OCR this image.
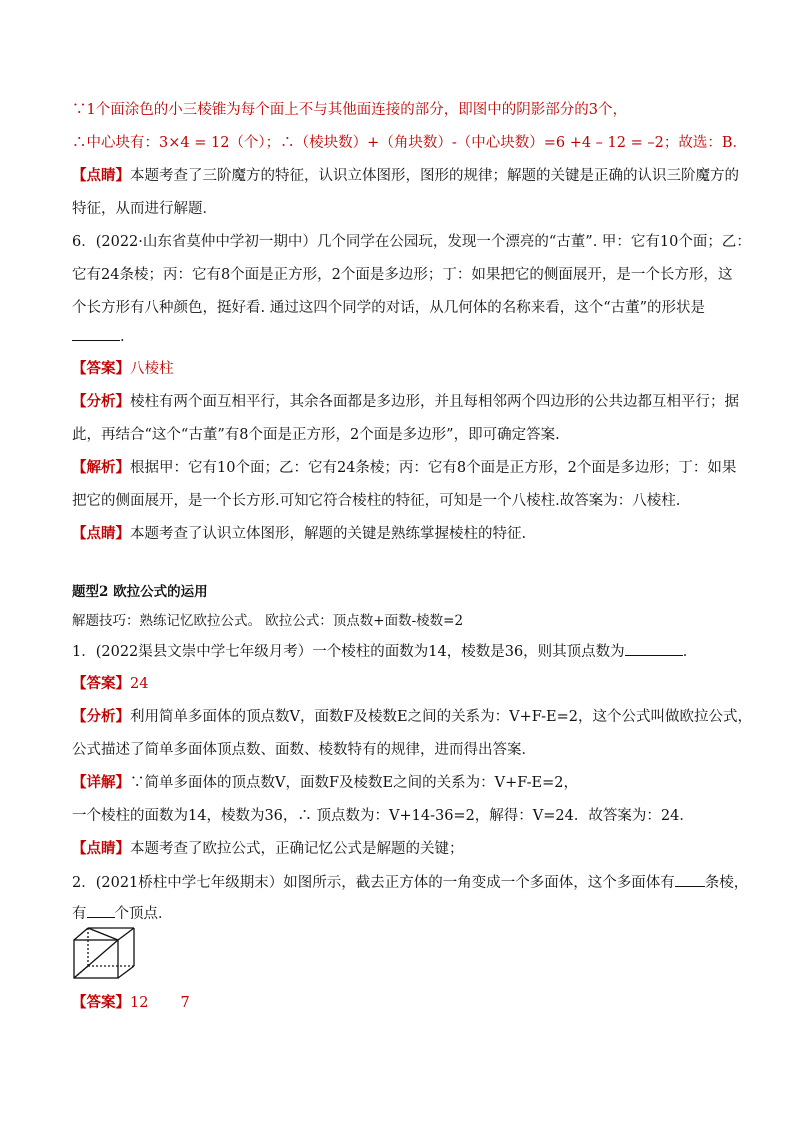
∵1个面涂色的小三棱锥为每个面上不与其他面连接的部分，即图中的阴影部分的3个，
∴中心块有：3×4 = 12（个）；∴（棱块数）+（角块数）-（中心块数）=6 +4 – 12 = –2；故选：B．
【点睛】本题考查了三阶魔方的特征，认识立体图形，图形的规律；解题的关键是正确的认识三阶魔方的
特征，从而进行解题．
6．(2022·山东省莫仲中学初一期中）几个同学在公园玩，发现一个漂亮的“古董”. 甲：它有10个面；乙：
它有24条棱；丙：它有8个面是正方形，2个面是多边形；丁：如果把它的侧面展开，是一个长方形，这
个长方形有八种颜色，挺好看. 通过这四个同学的对话，从几何体的名称来看，这个“古董”的形状是
.
【答案】八棱柱
【分析】棱柱有两个面互相平行，其余各面都是多边形，并且每相邻两个四边形的公共边都互相平行；据
此，再结合“这个“古董”有8个面是正方形，2个面是多边形”，即可确定答案.
【解析】根据甲：它有10个面；乙：它有24条棱；丙：它有8个面是正方形，2个面是多边形；丁：如果
把它的侧面展开，是一个长方形.可知它符合棱柱的特征，可知是一个八棱柱.故答案为：八棱柱.
【点睛】本题考查了认识立体图形，解题的关键是熟练掌握棱柱的特征.
题型2 欧拉公式的运用
解题技巧：熟练记忆欧拉公式。 欧拉公式：顶点数+面数-棱数=2
1．(2022渠县文崇中学七年级月考）一个棱柱的面数为14，棱数是36，则其顶点数为	．
【答案】24
【分析】利用简单多面体的顶点数V，面数F及棱数E之间的关系为：V+F-E=2，这个公式叫做欧拉公式，
公式描述了简单多面体顶点数、面数、棱数特有的规律，进而得出答案．
【详解】∵简单多面体的顶点数V，面数F及棱数E之间的关系为：V+F-E=2，
一个棱柱的面数为14，棱数为36，∴ 顶点数为：V+14-36=2，解得：V=24．故答案为：24．
【点睛】本题考查了欧拉公式，正确记忆公式是解题的关键；
2．(2021桥柱中学七年级期末）如图所示，截去正方体的一角变成一个多面体，这个多面体有 条棱，
有 个顶点．
【答案】12 7
